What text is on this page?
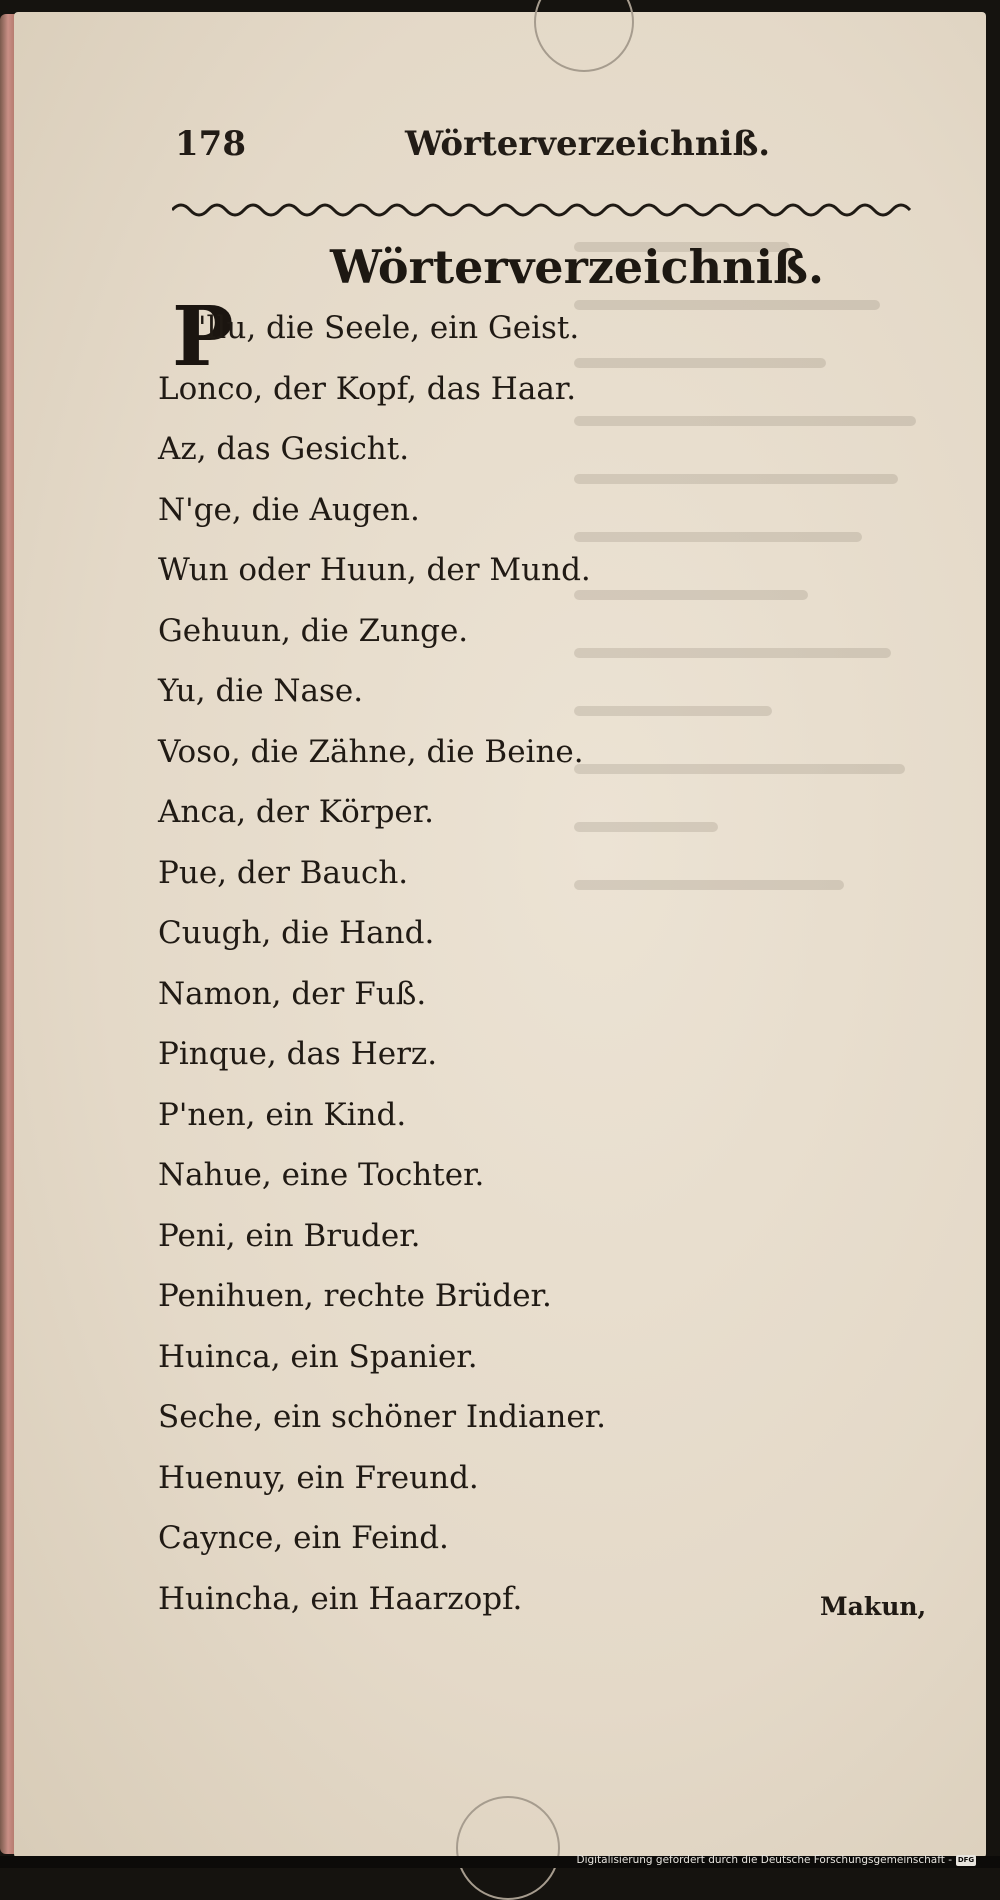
178	Wörterverzeichniß.
Wörterverzeichniß.
P
'llu, die Seele, ein Geist.
Lonco, der Kopf, das Haar.
Az, das Gesicht.
N'ge, die Augen.
Wun oder Huun, der Mund.
Gehuun, die Zunge.
Yu, die Nase.
Voso, die Zähne, die Beine.
Anca, der Körper.
Pue, der Bauch.
Cuugh, die Hand.
Namon, der Fuß.
Pinque, das Herz.
P'nen, ein Kind.
Nahue, eine Tochter.
Peni, ein Bruder.
Penihuen, rechte Brüder.
Huinca, ein Spanier.
Seche, ein schöner Indianer.
Huenuy, ein Freund.
Caynce, ein Feind.
Huincha, ein Haarzopf.	Makun,
Digitalisierung gefördert durch die Deutsche Forschungsgemeinschaft - DFG
